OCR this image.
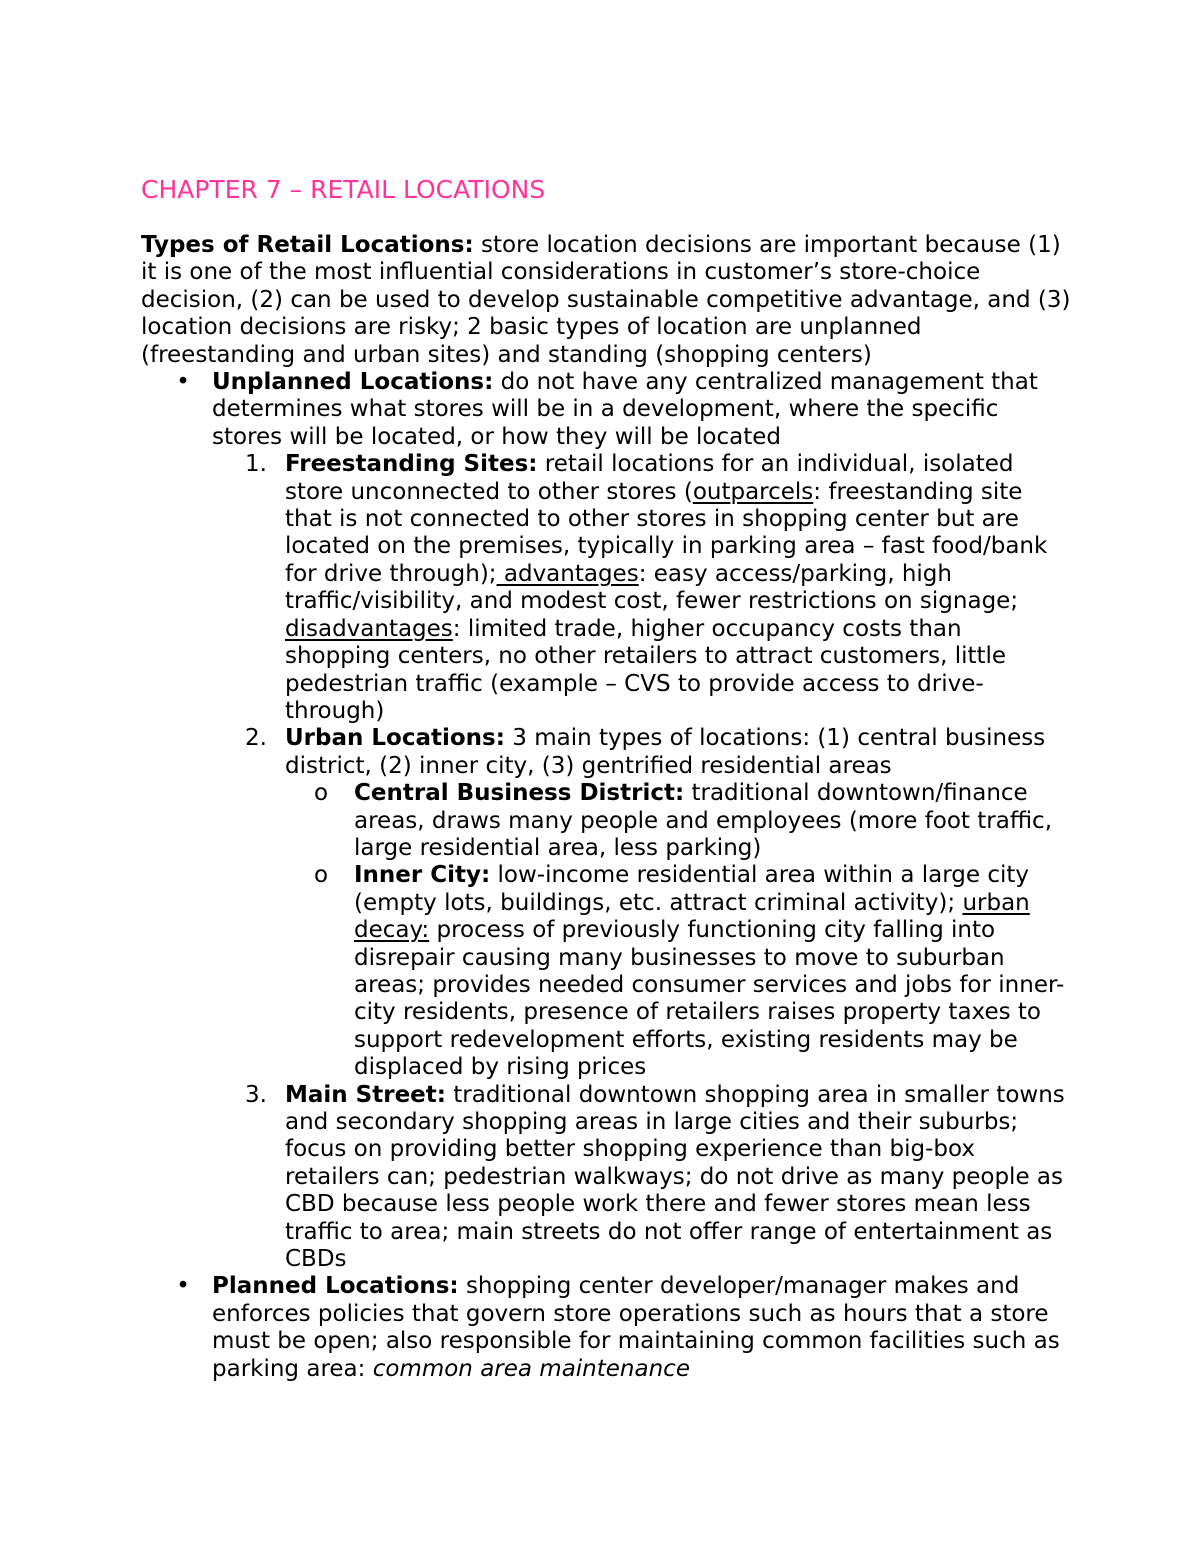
CHAPTER 7 – RETAIL LOCATIONS

Types of Retail Locations: store location decisions are important because (1) it is one of the most influential considerations in customer’s store-choice decision, (2) can be used to develop sustainable competitive advantage, and (3) location decisions are risky; 2 basic types of location are unplanned (freestanding and urban sites) and standing (shopping centers)

• Unplanned Locations: do not have any centralized management that determines what stores will be in a development, where the specific stores will be located, or how they will be located
1. Freestanding Sites: retail locations for an individual, isolated store unconnected to other stores (outparcels: freestanding site that is not connected to other stores in shopping center but are located on the premises, typically in parking area – fast food/bank for drive through); advantages: easy access/parking, high traffic/visibility, and modest cost, fewer restrictions on signage; disadvantages: limited trade, higher occupancy costs than shopping centers, no other retailers to attract customers, little pedestrian traffic (example – CVS to provide access to drive-through)
2. Urban Locations: 3 main types of locations: (1) central business district, (2) inner city, (3) gentrified residential areas
o Central Business District: traditional downtown/finance areas, draws many people and employees (more foot traffic, large residential area, less parking)
o Inner City: low-income residential area within a large city (empty lots, buildings, etc. attract criminal activity); urban decay: process of previously functioning city falling into disrepair causing many businesses to move to suburban areas; provides needed consumer services and jobs for inner-city residents, presence of retailers raises property taxes to support redevelopment efforts, existing residents may be displaced by rising prices
3. Main Street: traditional downtown shopping area in smaller towns and secondary shopping areas in large cities and their suburbs; focus on providing better shopping experience than big-box retailers can; pedestrian walkways; do not drive as many people as CBD because less people work there and fewer stores mean less traffic to area; main streets do not offer range of entertainment as CBDs
• Planned Locations: shopping center developer/manager makes and enforces policies that govern store operations such as hours that a store must be open; also responsible for maintaining common facilities such as parking area: common area maintenance
